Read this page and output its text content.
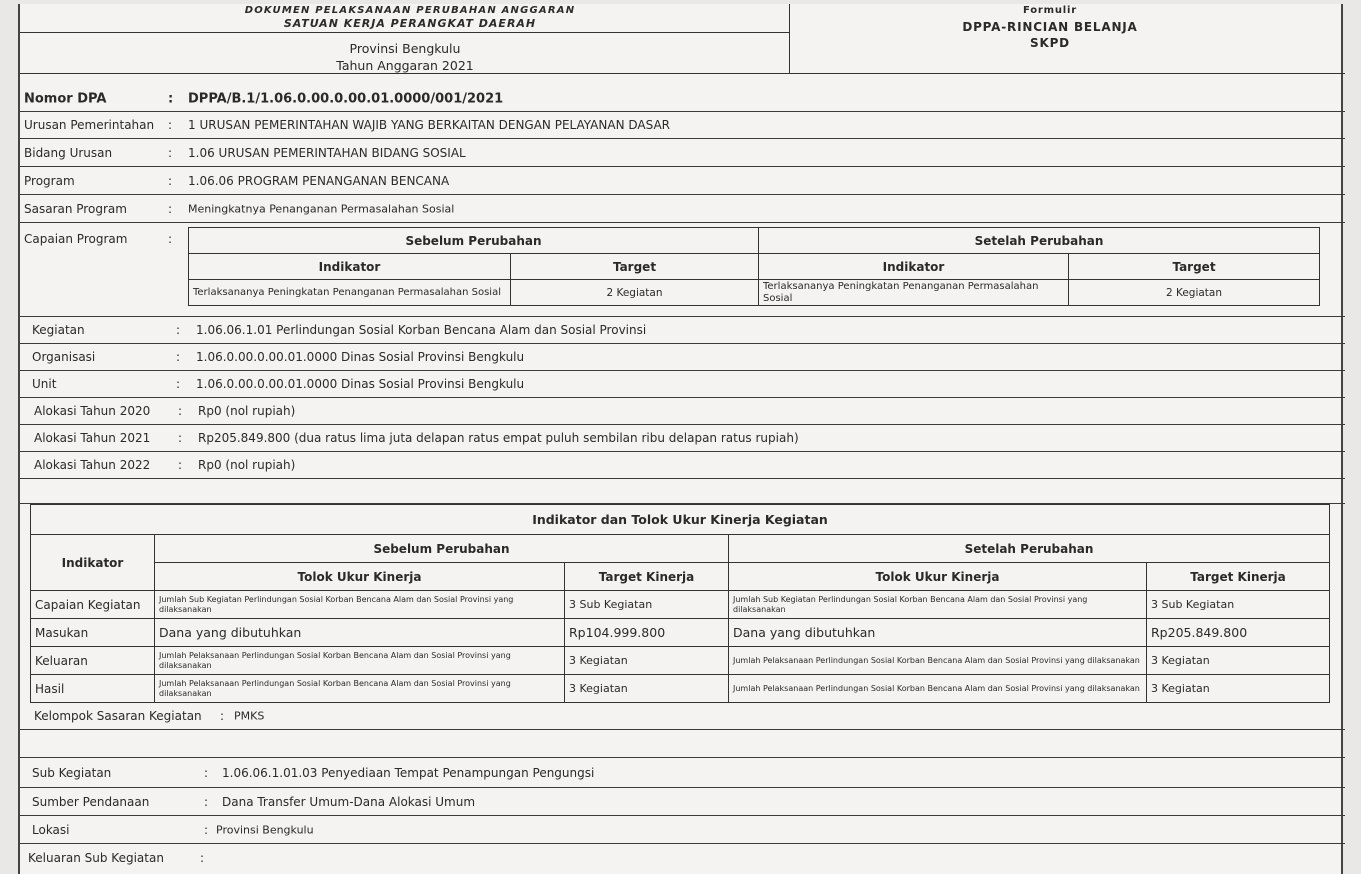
DOKUMEN PELAKSANAAN PERUBAHAN ANGGARAN
SATUAN KERJA PERANGKAT DAERAH
Provinsi Bengkulu
Tahun Anggaran 2021
Formulir
DPPA-RINCIAN BELANJA
SKPD
Nomor DPA	: DPPA/B.1/1.06.0.00.0.00.01.0000/001/2021
Urusan Pemerintahan : 1 URUSAN PEMERINTAHAN WAJIB YANG BERKAITAN DENGAN PELAYANAN DASAR
Bidang Urusan	: 1.06 URUSAN PEMERINTAHAN BIDANG SOSIAL
Program	: 1.06.06 PROGRAM PENANGANAN BENCANA
Sasaran Program	: Meningkatnya Penanganan Permasalahan Sosial
Capaian Program	:	Sebelum Perubahan		Setelah Perubahan	
Indikator	Target	Indikator	Target
Terlaksananya Peningkatan Penanganan Permasalahan Sosial	2 Kegiatan	Terlaksananya Peningkatan Penanganan Permasalahan Sosial	2 Kegiatan
Kegiatan	: 1.06.06.1.01 Perlindungan Sosial Korban Bencana Alam dan Sosial Provinsi
Organisasi	: 1.06.0.00.0.00.01.0000 Dinas Sosial Provinsi Bengkulu
Unit	: 1.06.0.00.0.00.01.0000 Dinas Sosial Provinsi Bengkulu
Alokasi Tahun 2020 : Rp0 (nol rupiah)
Alokasi Tahun 2021 : Rp205.849.800 (dua ratus lima juta delapan ratus empat puluh sembilan ribu delapan ratus rupiah)
Alokasi Tahun 2022 : Rp0 (nol rupiah)
Indikator dan Tolok Ukur Kinerja Kegiatan
Indikator	Sebelum Perubahan		Setelah Perubahan	
	Tolok Ukur Kinerja	Target Kinerja	Tolok Ukur Kinerja	Target Kinerja
Capaian Kegiatan	Jumlah Sub Kegiatan Perlindungan Sosial Korban Bencana Alam dan Sosial Provinsi yang dilaksanakan	3 Sub Kegiatan	Jumlah Sub Kegiatan Perlindungan Sosial Korban Bencana Alam dan Sosial Provinsi yang dilaksanakan	3 Sub Kegiatan
Masukan	Dana yang dibutuhkan	Rp104.999.800	Dana yang dibutuhkan	Rp205.849.800
Keluaran	Jumlah Pelaksanaan Perlindungan Sosial Korban Bencana Alam dan Sosial Provinsi yang dilaksanakan	3 Kegiatan	Jumlah Pelaksanaan Perlindungan Sosial Korban Bencana Alam dan Sosial Provinsi yang dilaksanakan	3 Kegiatan
Hasil	Jumlah Pelaksanaan Perlindungan Sosial Korban Bencana Alam dan Sosial Provinsi yang dilaksanakan	3 Kegiatan	Jumlah Pelaksanaan Perlindungan Sosial Korban Bencana Alam dan Sosial Provinsi yang dilaksanakan	3 Kegiatan
Kelompok Sasaran Kegiatan : PMKS
Sub Kegiatan	: 1.06.06.1.01.03 Penyediaan Tempat Penampungan Pengungsi
Sumber Pendanaan	: Dana Transfer Umum-Dana Alokasi Umum
Lokasi	: Provinsi Bengkulu
Keluaran Sub Kegiatan	:
